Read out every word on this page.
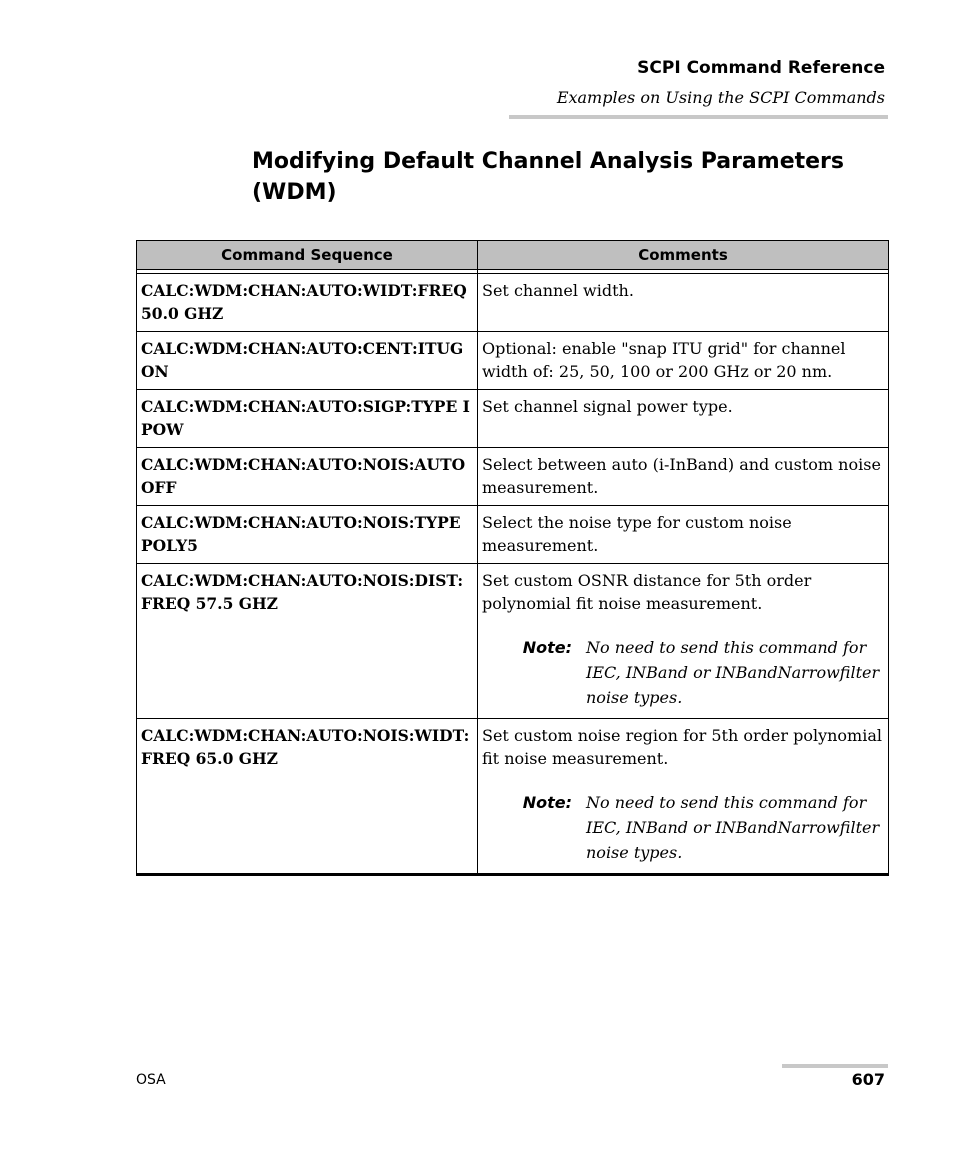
SCPI Command Reference
Examples on Using the SCPI Commands
Modifying Default Channel Analysis Parameters (WDM)
Command Sequence	Comments

CALC:WDM:CHAN:AUTO:WIDT:FREQ 50.0 GHZ	Set channel width.

CALC:WDM:CHAN:AUTO:CENT:ITUG ON	Optional: enable "snap ITU grid" for channel width of: 25, 50, 100 or 200 GHz or 20 nm.

CALC:WDM:CHAN:AUTO:SIGP:TYPE IPOW	Set channel signal power type.

CALC:WDM:CHAN:AUTO:NOIS:AUTO OFF	Select between auto (i-InBand) and custom noise measurement.

CALC:WDM:CHAN:AUTO:NOIS:TYPE POLY5	Select the noise type for custom noise measurement.

CALC:WDM:CHAN:AUTO:NOIS:DIST:FREQ 57.5 GHZ	Set custom OSNR distance for 5th order polynomial fit noise measurement.
Note: No need to send this command for IEC, INBand or INBandNarrowfilter noise types.

CALC:WDM:CHAN:AUTO:NOIS:WIDT:FREQ 65.0 GHZ	Set custom noise region for 5th order polynomial fit noise measurement.
Note: No need to send this command for IEC, INBand or INBandNarrowfilter noise types.
OSA	607
